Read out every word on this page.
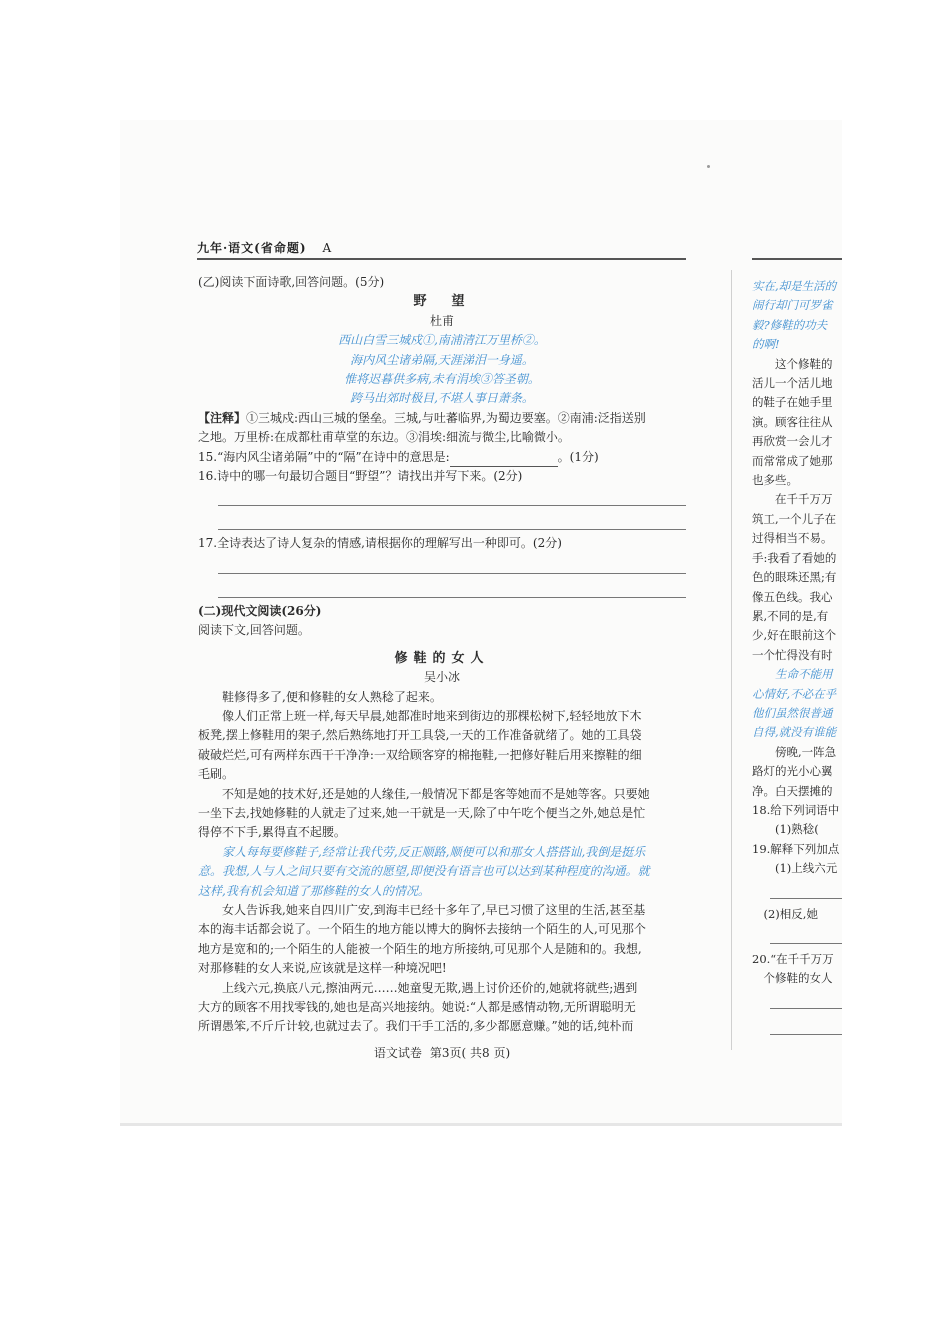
九年·语文(省命题) A

(乙)阅读下面诗歌,回答问题。(5分)

野　望

杜甫

西山白雪三城戍①,南浦清江万里桥②。

海内风尘诸弟隔,天涯涕泪一身遥。

惟将迟暮供多病,未有涓埃③答圣朝。

跨马出郊时极目,不堪人事日萧条。

【注释】①三城戍:西山三城的堡垒。三城,与吐蕃临界,为蜀边要塞。②南浦:泛指送别

之地。万里桥:在成都杜甫草堂的东边。③涓埃:细流与微尘,比喻微小。

15.“海内风尘诸弟隔”中的“隔”在诗中的意思是:	。(1分)

16.诗中的哪一句最切合题目“野望”？请找出并写下来。(2分)

17.全诗表达了诗人复杂的情感,请根据你的理解写出一种即可。(2分)

(二)现代文阅读(26分)

阅读下文,回答问题。

修鞋的女人

吴小冰

鞋修得多了,便和修鞋的女人熟稔了起来。

像人们正常上班一样,每天早晨,她都准时地来到街边的那棵松树下,轻轻地放下木

板凳,摆上修鞋用的架子,然后熟练地打开工具袋,一天的工作准备就绪了。她的工具袋

破破烂烂,可有两样东西干干净净:一双给顾客穿的棉拖鞋,一把修好鞋后用来擦鞋的细

毛刷。

不知是她的技术好,还是她的人缘佳,一般情况下都是客等她而不是她等客。只要她

一坐下去,找她修鞋的人就走了过来,她一干就是一天,除了中午吃个便当之外,她总是忙

得停不下手,累得直不起腰。

家人每每要修鞋子,经常让我代劳,反正顺路,顺便可以和那女人搭搭讪,我倒是挺乐

意。我想,人与人之间只要有交流的愿望,即便没有语言也可以达到某种程度的沟通。就

这样,我有机会知道了那修鞋的女人的情况。

女人告诉我,她来自四川广安,到海丰已经十多年了,早已习惯了这里的生活,甚至基

本的海丰话都会说了。一个陌生的地方能以博大的胸怀去接纳一个陌生的人,可见那个

地方是宽和的;一个陌生的人能被一个陌生的地方所接纳,可见那个人是随和的。我想,

对那修鞋的女人来说,应该就是这样一种境况吧!

上线六元,换底八元,擦油两元……她童叟无欺,遇上讨价还价的,她就将就些;遇到

大方的顾客不用找零钱的,她也是高兴地接纳。她说:“人都是感情动物,无所谓聪明无

所谓愚笨,不斤斤计较,也就过去了。我们干手工活的,多少都愿意赚。”她的话,纯朴而

实在,却是生活的

闹行却门可罗雀

毅?修鞋的功夫

的啊!

这个修鞋的

活儿一个活儿地

的鞋子在她手里

演。顾客往往从

再欣赏一会儿才

而常常成了她那

也多些。

在千千万万

筑工,一个儿子在

过得相当不易。

手:我看了看她的

色的眼珠还黑;有

像五色线。我心

累,不同的是,有

少,好在眼前这个

一个忙得没有时

生命不能用

心情好,不必在乎

他们虽然很普通

自得,就没有谁能

傍晚,一阵急

路灯的光小心翼

净。白天摆摊的

18.给下列词语中

(1)熟稔(

19.解释下列加点

(1)上线六元

(2)相反,她

20.“在千千万万

个修鞋的女人

语文试卷 第3页( 共8 页)
